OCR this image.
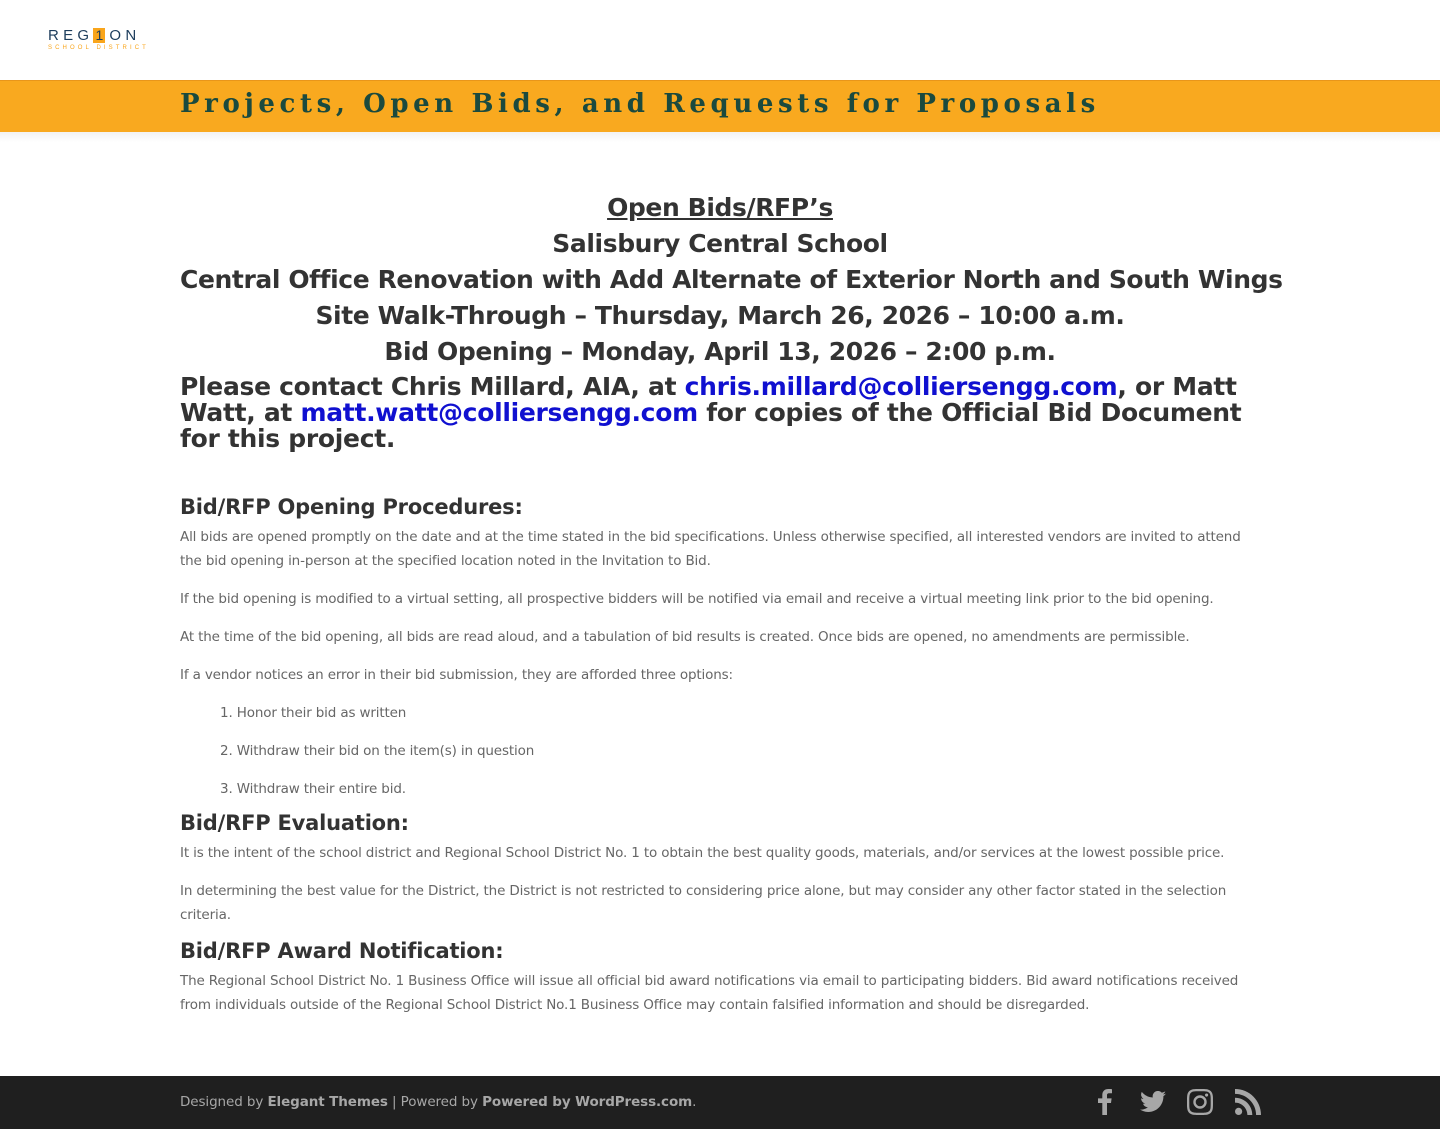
REG 1 ON
SCHOOL DISTRICT
Projects, Open Bids, and Requests for Proposals
Open Bids/RFP’s
Salisbury Central School
Central Office Renovation with Add Alternate of Exterior North and South Wings
Site Walk-Through – Thursday, March 26, 2026 – 10:00 a.m.
Bid Opening – Monday, April 13, 2026 – 2:00 p.m.
Please contact Chris Millard, AIA, at chris.millard@colliersengg.com, or Matt Watt, at matt.watt@colliersengg.com for copies of the Official Bid Document for this project.
Bid/RFP Opening Procedures:

All bids are opened promptly on the date and at the time stated in the bid specifications. Unless otherwise specified, all interested vendors are invited to attend the bid opening in-person at the specified location noted in the Invitation to Bid.

If the bid opening is modified to a virtual setting, all prospective bidders will be notified via email and receive a virtual meeting link prior to the bid opening.

At the time of the bid opening, all bids are read aloud, and a tabulation of bid results is created. Once bids are opened, no amendments are permissible.

If a vendor notices an error in their bid submission, they are afforded three options:

1. Honor their bid as written
2. Withdraw their bid on the item(s) in question
3. Withdraw their entire bid.
Bid/RFP Evaluation:

It is the intent of the school district and Regional School District No. 1 to obtain the best quality goods, materials, and/or services at the lowest possible price.

In determining the best value for the District, the District is not restricted to considering price alone, but may consider any other factor stated in the selection criteria.

Bid/RFP Award Notification:

The Regional School District No. 1 Business Office will issue all official bid award notifications via email to participating bidders. Bid award notifications received from individuals outside of the Regional School District No.1 Business Office may contain falsified information and should be disregarded.

Designed by Elegant Themes | Powered by Powered by WordPress.com.
